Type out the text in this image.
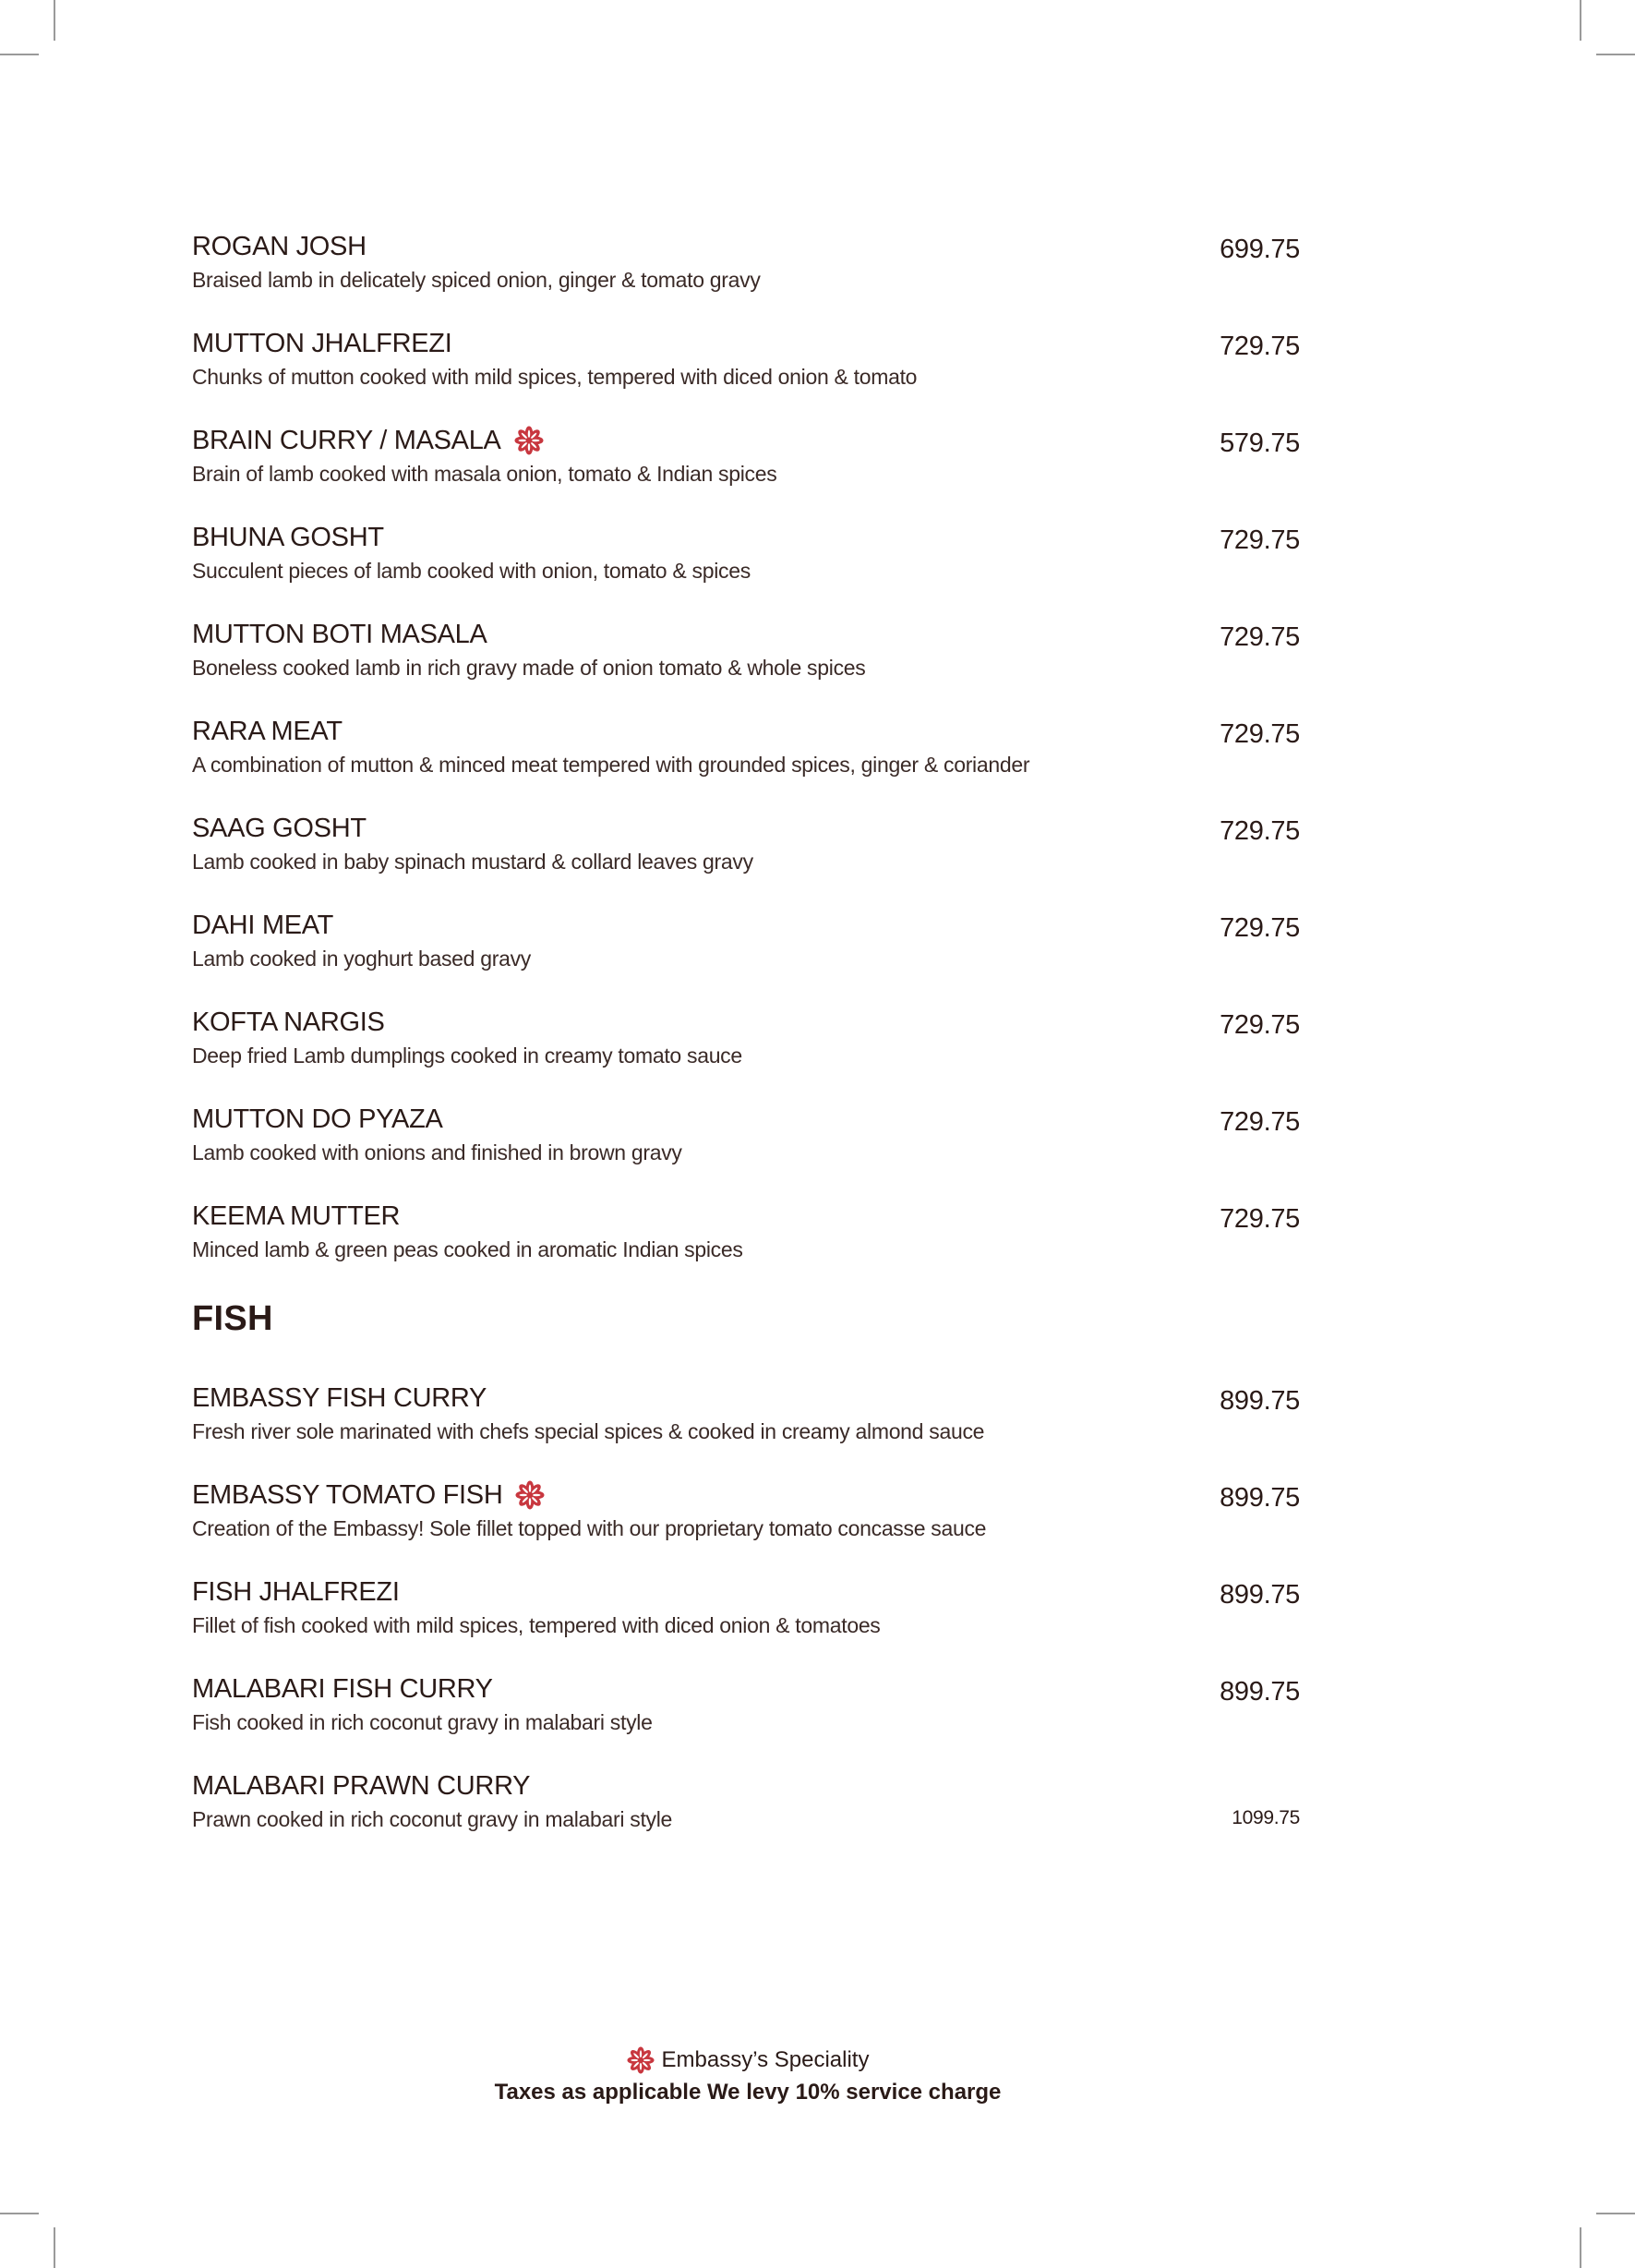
ROGAN JOSH
Braised lamb in delicately spiced onion, ginger & tomato gravy
699.75
MUTTON JHALFREZI
Chunks of mutton cooked with mild spices, tempered with diced onion & tomato
729.75
BRAIN CURRY / MASALA
Brain of lamb cooked with masala onion, tomato & Indian spices
579.75
BHUNA GOSHT
Succulent pieces of lamb cooked with onion, tomato & spices
729.75
MUTTON BOTI MASALA
Boneless cooked lamb in rich gravy made of onion tomato & whole spices
729.75
RARA MEAT
A combination of mutton & minced meat tempered with grounded spices, ginger & coriander
729.75
SAAG GOSHT
Lamb cooked in baby spinach mustard & collard leaves gravy
729.75
DAHI MEAT
Lamb cooked in yoghurt based gravy
729.75
KOFTA NARGIS
Deep fried Lamb dumplings cooked in creamy tomato sauce
729.75
MUTTON DO PYAZA
Lamb cooked with onions and finished in brown gravy
729.75
KEEMA MUTTER
Minced lamb & green peas cooked in aromatic Indian spices
729.75
FISH
EMBASSY FISH CURRY
Fresh river sole marinated with chefs special spices & cooked in creamy almond sauce
899.75
EMBASSY TOMATO FISH
Creation of the Embassy! Sole fillet topped with our proprietary tomato concasse sauce
899.75
FISH JHALFREZI
Fillet of fish cooked with mild spices, tempered with diced onion & tomatoes
899.75
MALABARI FISH CURRY
Fish cooked in rich coconut gravy in malabari style
899.75
MALABARI PRAWN CURRY
Prawn cooked in rich coconut gravy in malabari style	1099.75
Embassy’s Speciality
Taxes as applicable We levy 10% service charge
